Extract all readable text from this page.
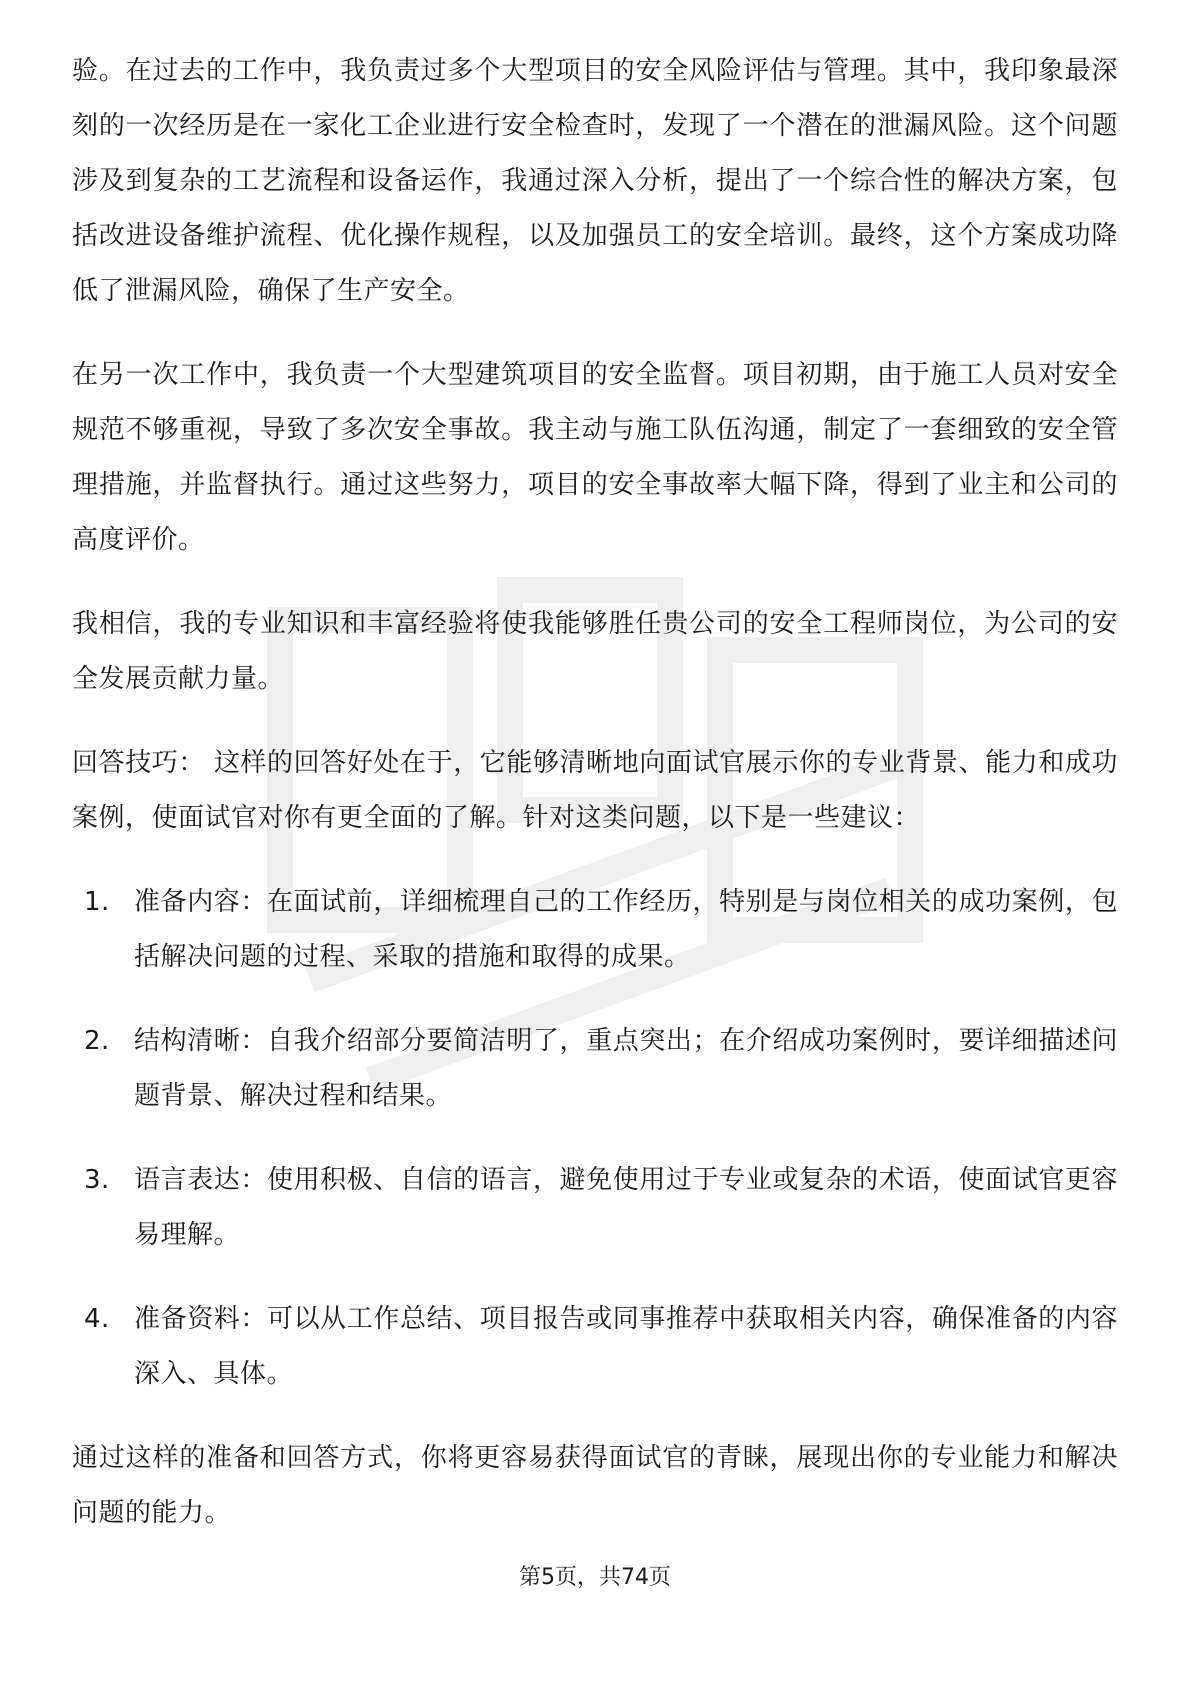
验。在过去的工作中，我负责过多个大型项目的安全风险评估与管理。其中，我印象最深刻的一次经历是在一家化工企业进行安全检查时，发现了一个潜在的泄漏风险。这个问题涉及到复杂的工艺流程和设备运作，我通过深入分析，提出了一个综合性的解决方案，包括改进设备维护流程、优化操作规程，以及加强员工的安全培训。最终，这个方案成功降低了泄漏风险，确保了生产安全。

在另一次工作中，我负责一个大型建筑项目的安全监督。项目初期，由于施工人员对安全规范不够重视，导致了多次安全事故。我主动与施工队伍沟通，制定了一套细致的安全管理措施，并监督执行。通过这些努力，项目的安全事故率大幅下降，得到了业主和公司的高度评价。

我相信，我的专业知识和丰富经验将使我能够胜任贵公司的安全工程师岗位，为公司的安全发展贡献力量。

回答技巧： 这样的回答好处在于，它能够清晰地向面试官展示你的专业背景、能力和成功案例，使面试官对你有更全面的了解。针对这类问题，以下是一些建议：

1. 准备内容：在面试前，详细梳理自己的工作经历，特别是与岗位相关的成功案例，包括解决问题的过程、采取的措施和取得的成果。
2. 结构清晰：自我介绍部分要简洁明了，重点突出；在介绍成功案例时，要详细描述问题背景、解决过程和结果。
3. 语言表达：使用积极、自信的语言，避免使用过于专业或复杂的术语，使面试官更容易理解。
4. 准备资料：可以从工作总结、项目报告或同事推荐中获取相关内容，确保准备的内容深入、具体。

通过这样的准备和回答方式，你将更容易获得面试官的青睐，展现出你的专业能力和解决问题的能力。

第5页，共74页
